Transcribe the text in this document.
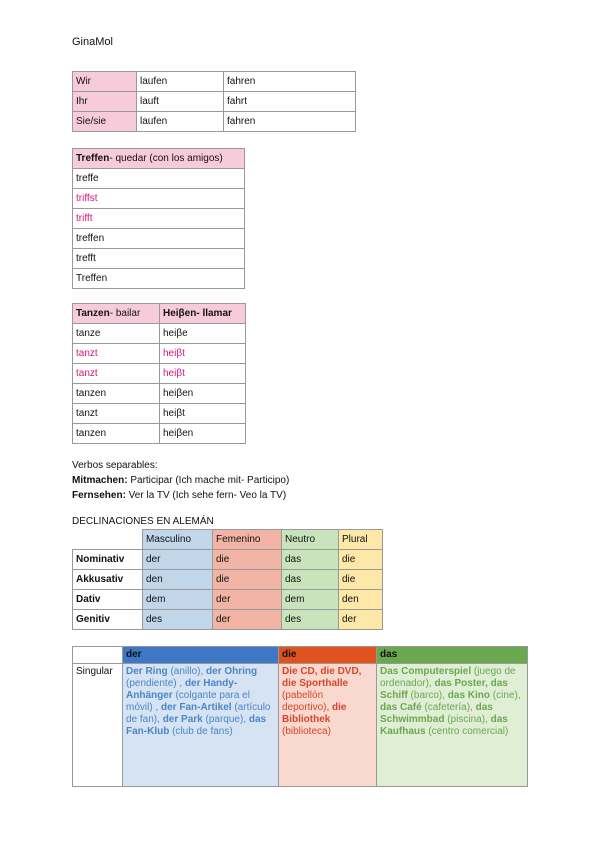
GinaMol
Wir	laufen	fahren
Ihr	lauft	fahrt
Sie/sie	laufen	fahren
Treffen- quedar (con los amigos)
treffe
triffst
trifft
treffen
trefft
Treffen
Tanzen- bailar	Heiβen- llamar
tanze	heiβe
tanzt	heiβt
tanzt	heiβt
tanzen	heiβen
tanzt	heiβt
tanzen	heiβen
Verbos separables:
Mitmachen: Participar (Ich mache mit- Participo)
Fernsehen: Ver la TV (Ich sehe fern- Veo la TV)
DECLINACIONES EN ALEMÁN
	Masculino	Femenino	Neutro	Plural
Nominativ	der	die	das	die
Akkusativ	den	die	das	die
Dativ	dem	der	dem	den
Genitiv	des	der	des	der
	der	die	das
Singular	Der Ring (anillo), der Ohring (pendiente) , der Handy-Anhänger (colgante para el móvil) , der Fan-Artikel (artículo de fan), der Park (parque), das Fan-Klub (club de fans)	Die CD, die DVD, die Sporthalle (pabellón deportivo), die Bibliothek (biblioteca)	Das Computerspiel (juego de ordenador), das Poster, das Schiff (barco), das Kino (cine), das Café (cafetería), das Schwimmbad (piscina), das Kaufhaus (centro comercial)
